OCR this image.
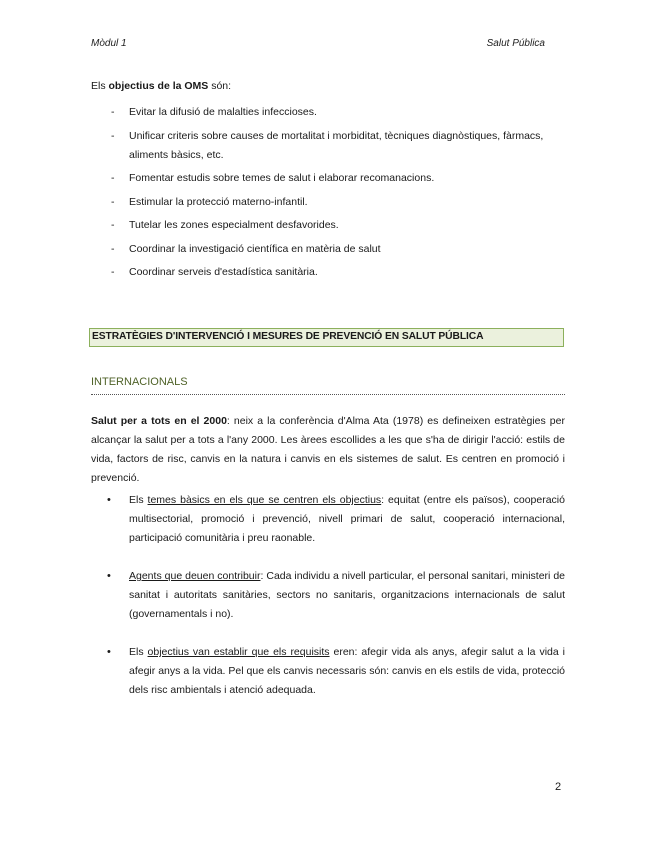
Mòdul 1	Salut Pública
Els objectius de la OMS són:
- Evitar la difusió de malalties infeccioses.
- Unificar criteris sobre causes de mortalitat i morbiditat, tècniques diagnòstiques, fàrmacs, aliments bàsics, etc.
- Fomentar estudis sobre temes de salut i elaborar recomanacions.
- Estimular la protecció materno-infantil.
- Tutelar les zones especialment desfavorides.
- Coordinar la investigació científica en matèria de salut
- Coordinar serveis d'estadística sanitària.
ESTRATÈGIES D'INTERVENCIÓ I MESURES DE PREVENCIÓ EN SALUT PÚBLICA
INTERNACIONALS
Salut per a tots en el 2000: neix a la conferència d'Alma Ata (1978) es defineixen estratègies per alcançar la salut per a tots a l'any 2000. Les àrees escollides a les que s'ha de dirigir l'acció: estils de vida, factors de risc, canvis en la natura i canvis en els sistemes de salut. Es centren en promoció i prevenció.
• Els temes bàsics en els que se centren els objectius: equitat (entre els països), cooperació multisectorial, promoció i prevenció, nivell primari de salut, cooperació internacional, participació comunitària i preu raonable.
• Agents que deuen contribuir: Cada individu a nivell particular, el personal sanitari, ministeri de sanitat i autoritats sanitàries, sectors no sanitaris, organitzacions internacionals de salut (governamentals i no).
• Els objectius van establir que els requisits eren: afegir vida als anys, afegir salut a la vida i afegir anys a la vida. Pel que els canvis necessaris són: canvis en els estils de vida, protecció dels risc ambientals i atenció adequada.
2
